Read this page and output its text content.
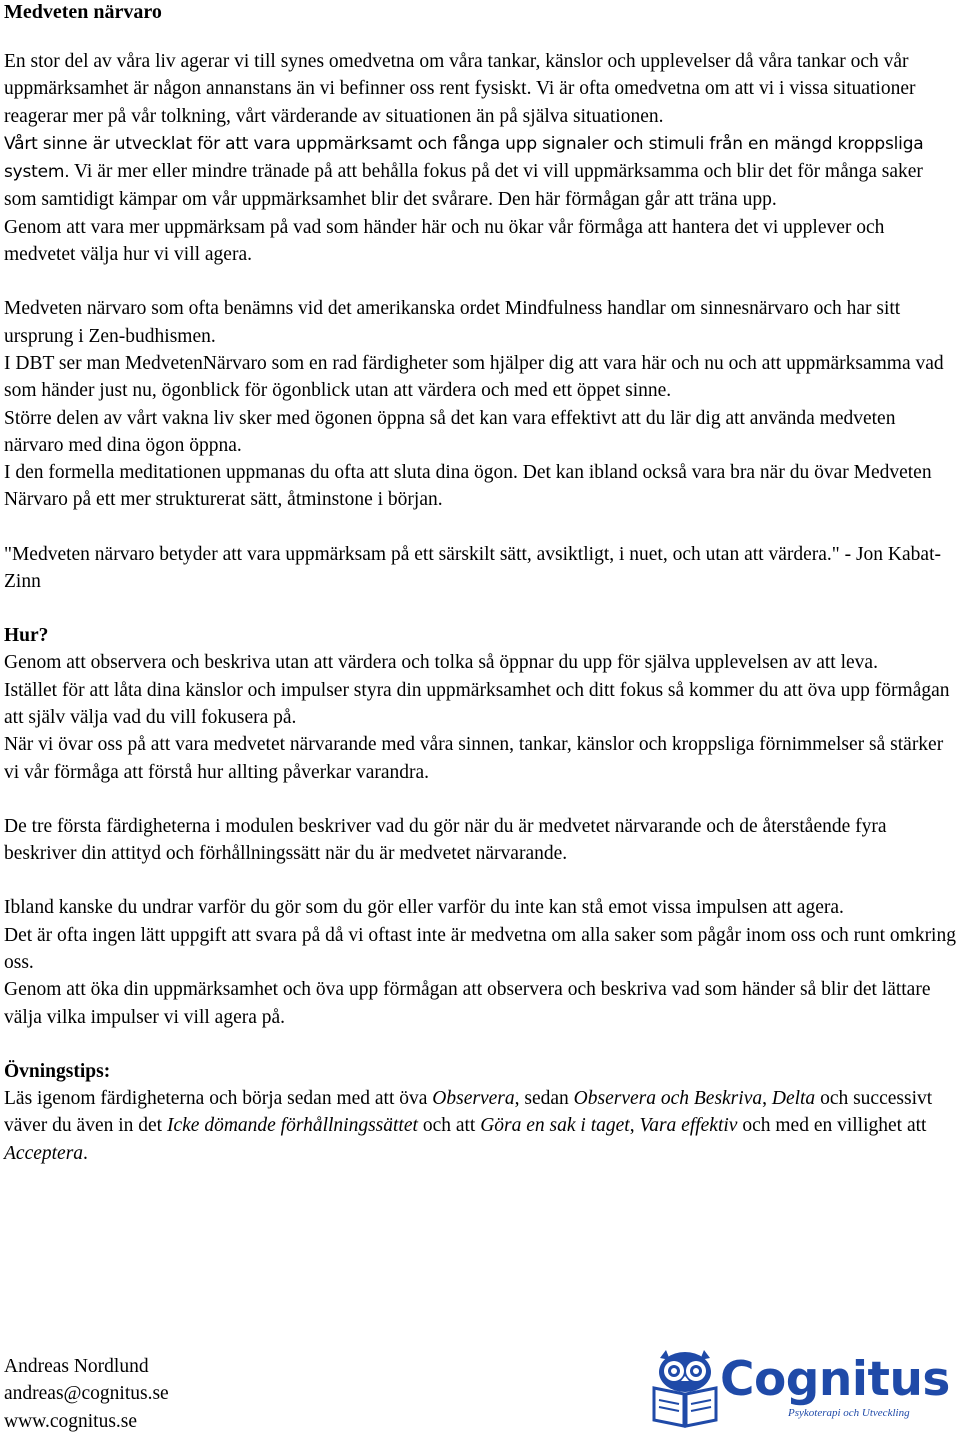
Medveten närvaro

En stor del av våra liv agerar vi till synes omedvetna om våra tankar, känslor och upplevelser då våra tankar och vår uppmärksamhet är någon annanstans än vi befinner oss rent fysiskt. Vi är ofta omedvetna om att vi i vissa situationer reagerar mer på vår tolkning, vårt värderande av situationen än på själva situationen.

Vårt sinne är utvecklat för att vara uppmärksamt och fånga upp signaler och stimuli från en mängd kroppsliga system. Vi är mer eller mindre tränade på att behålla fokus på det vi vill uppmärksamma och blir det för många saker som samtidigt kämpar om vår uppmärksamhet blir det svårare. Den här förmågan går att träna upp.

Genom att vara mer uppmärksam på vad som händer här och nu ökar vår förmåga att hantera det vi upplever och medvetet välja hur vi vill agera.

Medveten närvaro som ofta benämns vid det amerikanska ordet Mindfulness handlar om sinnesnärvaro och har sitt ursprung i Zen-budhismen.

I DBT ser man MedvetenNärvaro som en rad färdigheter som hjälper dig att vara här och nu och att uppmärksamma vad som händer just nu, ögonblick för ögonblick utan att värdera och med ett öppet sinne.

Större delen av vårt vakna liv sker med ögonen öppna så det kan vara effektivt att du lär dig att använda medveten närvaro med dina ögon öppna.

I den formella meditationen uppmanas du ofta att sluta dina ögon. Det kan ibland också vara bra när du övar Medveten Närvaro på ett mer strukturerat sätt, åtminstone i början.

"Medveten närvaro betyder att vara uppmärksam på ett särskilt sätt, avsiktligt, i nuet, och utan att värdera." - Jon Kabat-Zinn

Hur?

Genom att observera och beskriva utan att värdera och tolka så öppnar du upp för själva upplevelsen av att leva.

Istället för att låta dina känslor och impulser styra din uppmärksamhet och ditt fokus så kommer du att öva upp förmågan att själv välja vad du vill fokusera på.

När vi övar oss på att vara medvetet närvarande med våra sinnen, tankar, känslor och kroppsliga förnimmelser så stärker vi vår förmåga att förstå hur allting påverkar varandra.

De tre första färdigheterna i modulen beskriver vad du gör när du är medvetet närvarande och de återstående fyra beskriver din attityd och förhållningssätt när du är medvetet närvarande.

Ibland kanske du undrar varför du gör som du gör eller varför du inte kan stå emot vissa impulsen att agera.

Det är ofta ingen lätt uppgift att svara på då vi oftast inte är medvetna om alla saker som pågår inom oss och runt omkring oss.

Genom att öka din uppmärksamhet och öva upp förmågan att observera och beskriva vad som händer så blir det lättare välja vilka impulser vi vill agera på.

Övningstips:

Läs igenom färdigheterna och börja sedan med att öva Observera, sedan Observera och Beskriva, Delta och successivt väver du även in det Icke dömande förhållningssättet och att Göra en sak i taget, Vara effektiv och med en villighet att Acceptera.

Andreas Nordlund
andreas@cognitus.se
www.cognitus.se
Cognitus
Psykoterapi och Utveckling
